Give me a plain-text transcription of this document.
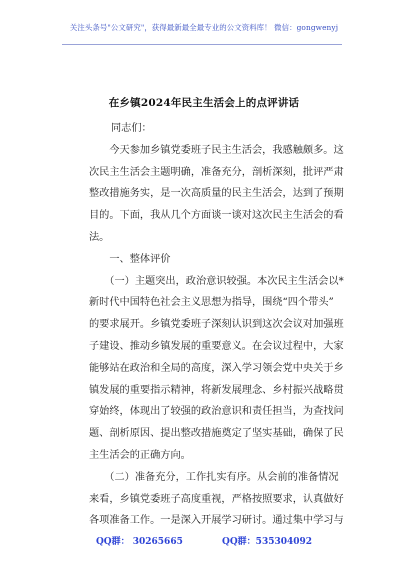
关注头条号"公文研究"，获得最新最全最专业的公文资料库！ 微信：gongwenyj
在乡镇2024年民主生活会上的点评讲话
同志们：
　　今天参加乡镇党委班子民主生活会，我感触颇多。这
次民主生活会主题明确，准备充分，剖析深刻，批评严肃
整改措施务实，是一次高质量的民主生活会，达到了预期
目的。下面，我从几个方面谈一谈对这次民主生活会的看
法。
　　一、整体评价
　　（一）主题突出，政治意识较强。本次民主生活会以*
新时代中国特色社会主义思想为指导，围绕“四个带头”
的要求展开。乡镇党委班子深刻认识到这次会议对加强班
子建设、推动乡镇发展的重要意义。在会议过程中，大家
能够站在政治和全局的高度，深入学习领会党中央关于乡
镇发展的重要指示精神，将新发展理念、乡村振兴战略贯
穿始终，体现出了较强的政治意识和责任担当，为查找问
题、剖析原因、提出整改措施奠定了坚实基础，确保了民
主生活会的正确方向。
　　（二）准备充分，工作扎实有序。从会前的准备情况
来看，乡镇党委班子高度重视，严格按照要求，认真做好
各项准备工作。一是深入开展学习研讨。通过集中学习与
QQ群： 30265665	QQ群：535304092
